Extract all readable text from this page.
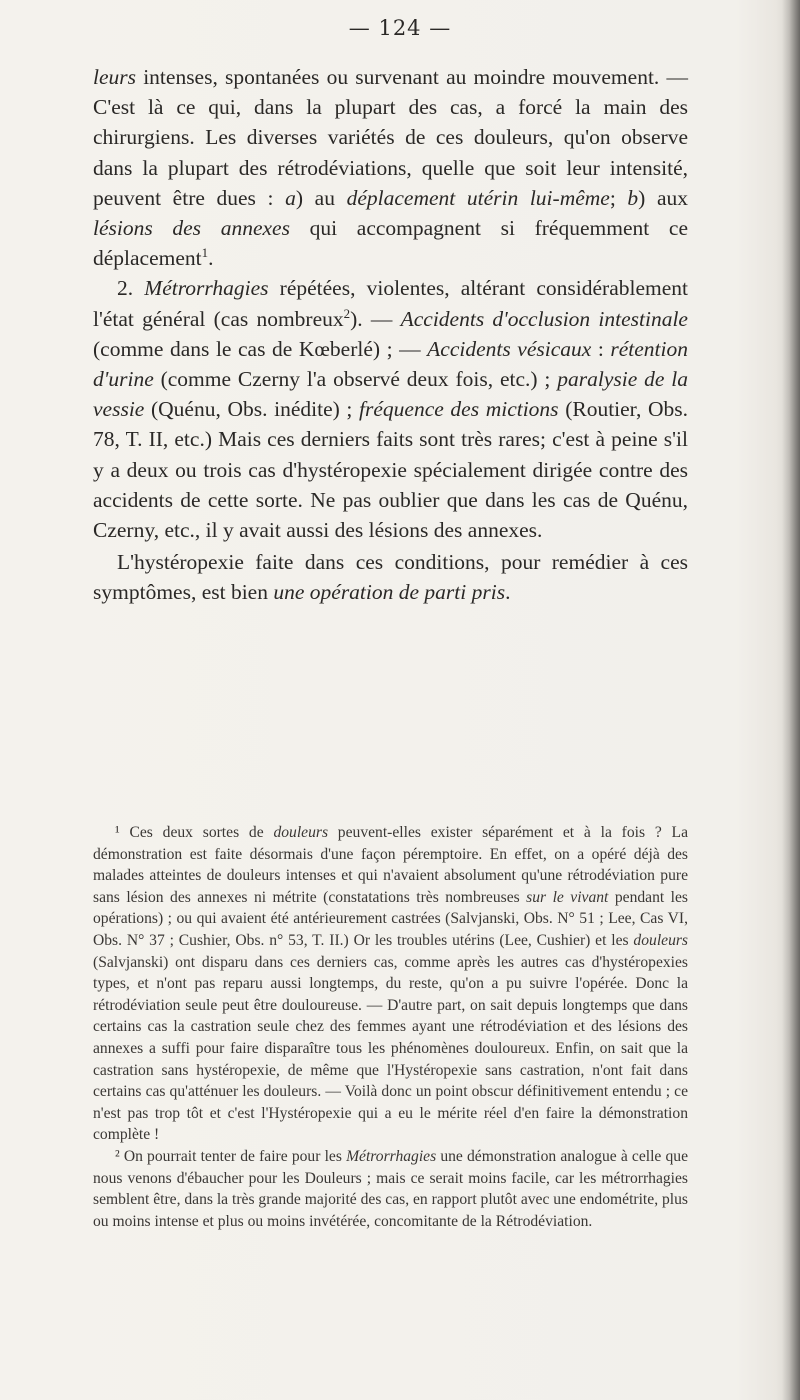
— 124 —

leurs intenses, spontanées ou survenant au moindre mouvement. — C'est là ce qui, dans la plupart des cas, a forcé la main des chirurgiens. Les diverses variétés de ces douleurs, qu'on observe dans la plupart des rétrodéviations, quelle que soit leur intensité, peuvent être dues : a) au déplacement utérin lui-même; b) aux lésions des annexes qui accompagnent si fréquemment ce déplacement$^1$.

2. Métrorrhagies répétées, violentes, altérant considérablement l'état général (cas nombreux$^2$). — Accidents d'occlusion intestinale (comme dans le cas de Kœberlé) ; — Accidents vésicaux : rétention d'urine (comme Czerny l'a observé deux fois, etc.) ; paralysie de la vessie (Quénu, Obs. inédite) ; fréquence des mictions (Routier, Obs. 78, T. II, etc.) Mais ces derniers faits sont très rares; c'est à peine s'il y a deux ou trois cas d'hystéropexie spécialement dirigée contre des accidents de cette sorte. Ne pas oublier que dans les cas de Quénu, Czerny, etc., il y avait aussi des lésions des annexes.

L'hystéropexie faite dans ces conditions, pour remédier à ces symptômes, est bien une opération de parti pris.

¹ Ces deux sortes de douleurs peuvent-elles exister séparément et à la fois ? La démonstration est faite désormais d'une façon péremptoire. En effet, on a opéré déjà des malades atteintes de douleurs intenses et qui n'avaient absolument qu'une rétrodéviation pure sans lésion des annexes ni métrite (constatations très nombreuses sur le vivant pendant les opérations) ; ou qui avaient été antérieurement castrées (Salvjanski, Obs. N° 51 ; Lee, Cas VI, Obs. N° 37 ; Cushier, Obs. n° 53, T. II.) Or les troubles utérins (Lee, Cushier) et les douleurs (Salvjanski) ont disparu dans ces derniers cas, comme après les autres cas d'hystéropexies types, et n'ont pas reparu aussi longtemps, du reste, qu'on a pu suivre l'opérée. Donc la rétrodéviation seule peut être douloureuse. — D'autre part, on sait depuis longtemps que dans certains cas la castration seule chez des femmes ayant une rétrodéviation et des lésions des annexes a suffi pour faire disparaître tous les phénomènes douloureux. Enfin, on sait que la castration sans hystéropexie, de même que l'Hystéropexie sans castration, n'ont fait dans certains cas qu'atténuer les douleurs. — Voilà donc un point obscur définitivement entendu ; ce n'est pas trop tôt et c'est l'Hystéropexie qui a eu le mérite réel d'en faire la démonstration complète !

² On pourrait tenter de faire pour les Métrorrhagies une démonstration analogue à celle que nous venons d'ébaucher pour les Douleurs ; mais ce serait moins facile, car les métrorrhagies semblent être, dans la très grande majorité des cas, en rapport plutôt avec une endométrite, plus ou moins intense et plus ou moins invétérée, concomitante de la Rétrodéviation.
